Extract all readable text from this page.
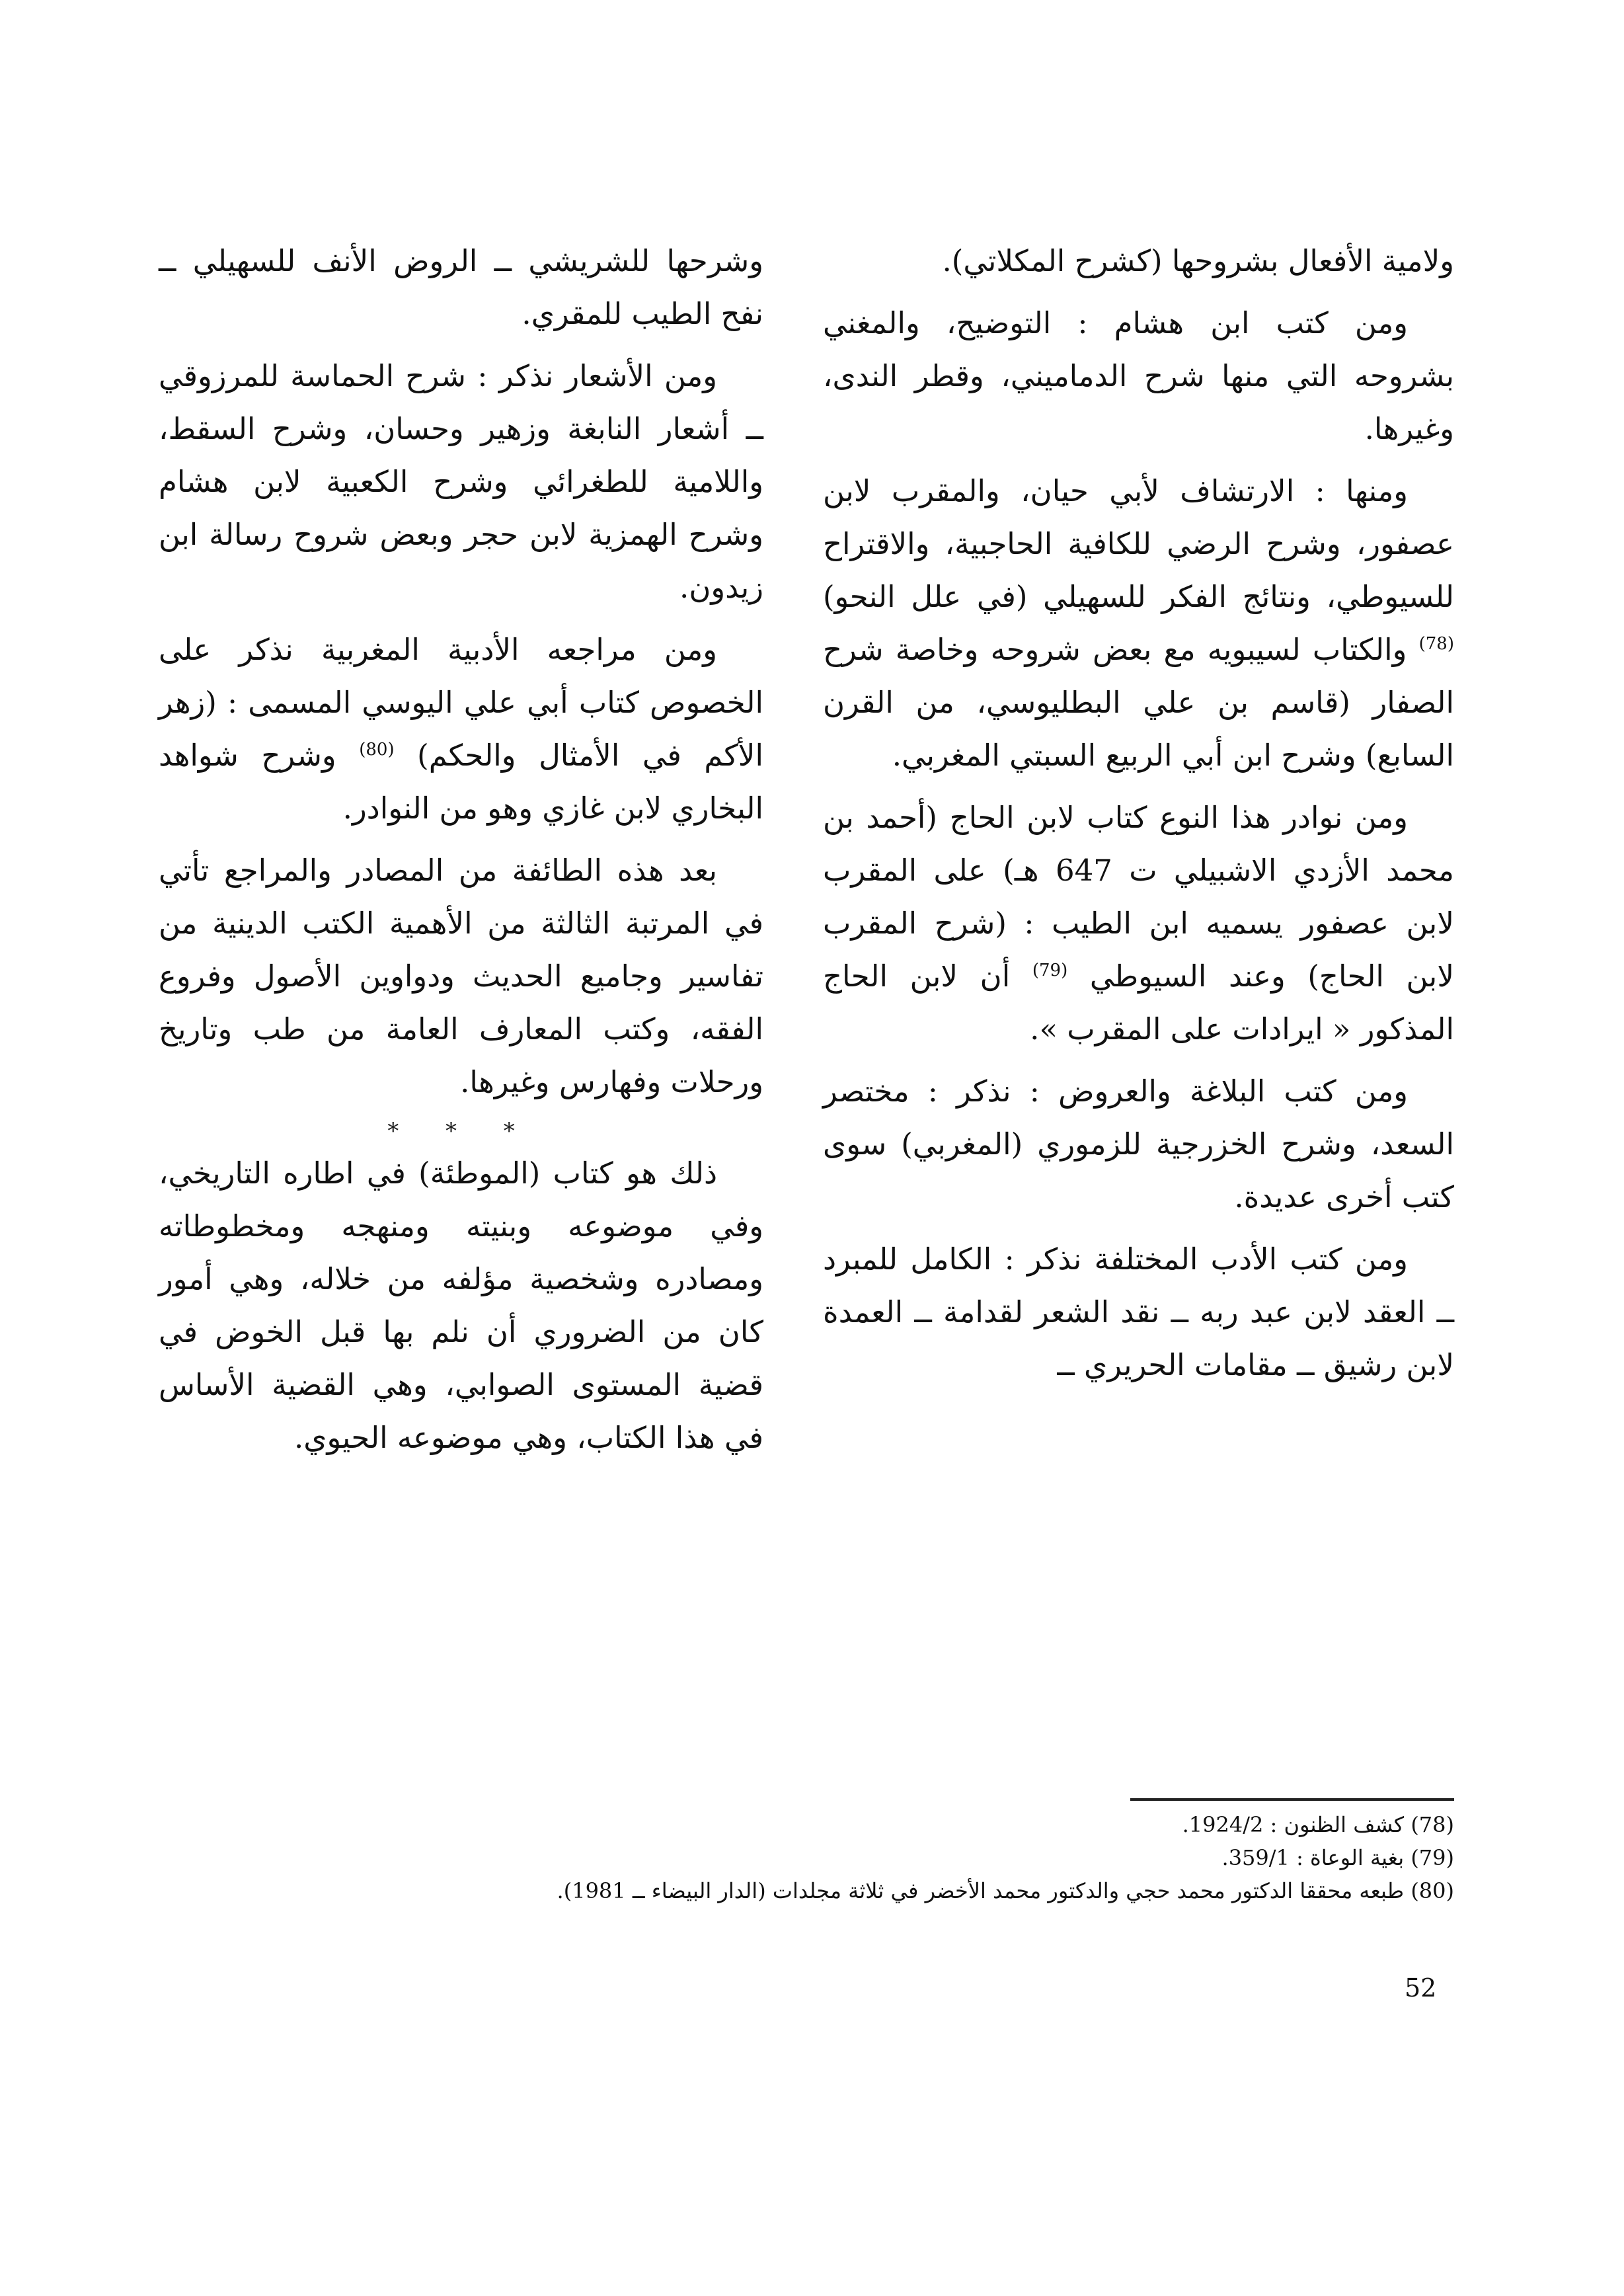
ولامية الأفعال بشروحها (كشرح المكلاتي).

ومن كتب ابن هشام : التوضيح، والمغني بشروحه التي منها شرح الدماميني، وقطر الندى، وغيرها.

ومنها : الارتشاف لأبي حيان، والمقرب لابن عصفور، وشرح الرضي للكافية الحاجبية، والاقتراح للسيوطي، ونتائج الفكر للسهيلي (في علل النحو) $^{(78)}$ والكتاب لسيبويه مع بعض شروحه وخاصة شرح الصفار (قاسم بن علي البطليوسي، من القرن السابع) وشرح ابن أبي الربيع السبتي المغربي.

ومن نوادر هذا النوع كتاب لابن الحاج (أحمد بن محمد الأزدي الاشبيلي ت 647 هـ) على المقرب لابن عصفور يسميه ابن الطيب : (شرح المقرب لابن الحاج) وعند السيوطي $^{(79)}$ أن لابن الحاج المذكور « ايرادات على المقرب ».

ومن كتب البلاغة والعروض : نذكر : مختصر السعد، وشرح الخزرجية للزموري (المغربي) سوى كتب أخرى عديدة.

ومن كتب الأدب المختلفة نذكر : الكامل للمبرد ــ العقد لابن عبد ربه ــ نقد الشعر لقدامة ــ العمدة لابن رشيق ــ مقامات الحريري ــ

وشرحها للشريشي ــ الروض الأنف للسهيلي ــ نفح الطيب للمقري.

ومن الأشعار نذكر : شرح الحماسة للمرزوقي ــ أشعار النابغة وزهير وحسان، وشرح السقط، واللامية للطغرائي وشرح الكعبية لابن هشام وشرح الهمزية لابن حجر وبعض شروح رسالة ابن زيدون.

ومن مراجعه الأدبية المغربية نذكر على الخصوص كتاب أبي علي اليوسي المسمى : (زهر الأكم في الأمثال والحكم) $^{(80)}$ وشرح شواهد البخاري لابن غازي وهو من النوادر.

بعد هذه الطائفة من المصادر والمراجع تأتي في المرتبة الثالثة من الأهمية الكتب الدينية من تفاسير وجاميع الحديث ودواوين الأصول وفروع الفقه، وكتب المعارف العامة من طب وتاريخ ورحلات وفهارس وغيرها.

* * *

ذلك هو كتاب (الموطئة) في اطاره التاريخي، وفي موضوعه وبنيته ومنهجه ومخطوطاته ومصادره وشخصية مؤلفه من خلاله، وهي أمور كان من الضروري أن نلم بها قبل الخوض في قضية المستوى الصوابي، وهي القضية الأساس في هذا الكتاب، وهي موضوعه الحيوي.

(78) كشف الظنون : 1924/2.
(79) بغية الوعاة : 359/1.
(80) طبعه محققا الدكتور محمد حجي والدكتور محمد الأخضر في ثلاثة مجلدات (الدار البيضاء ــ 1981).
52
